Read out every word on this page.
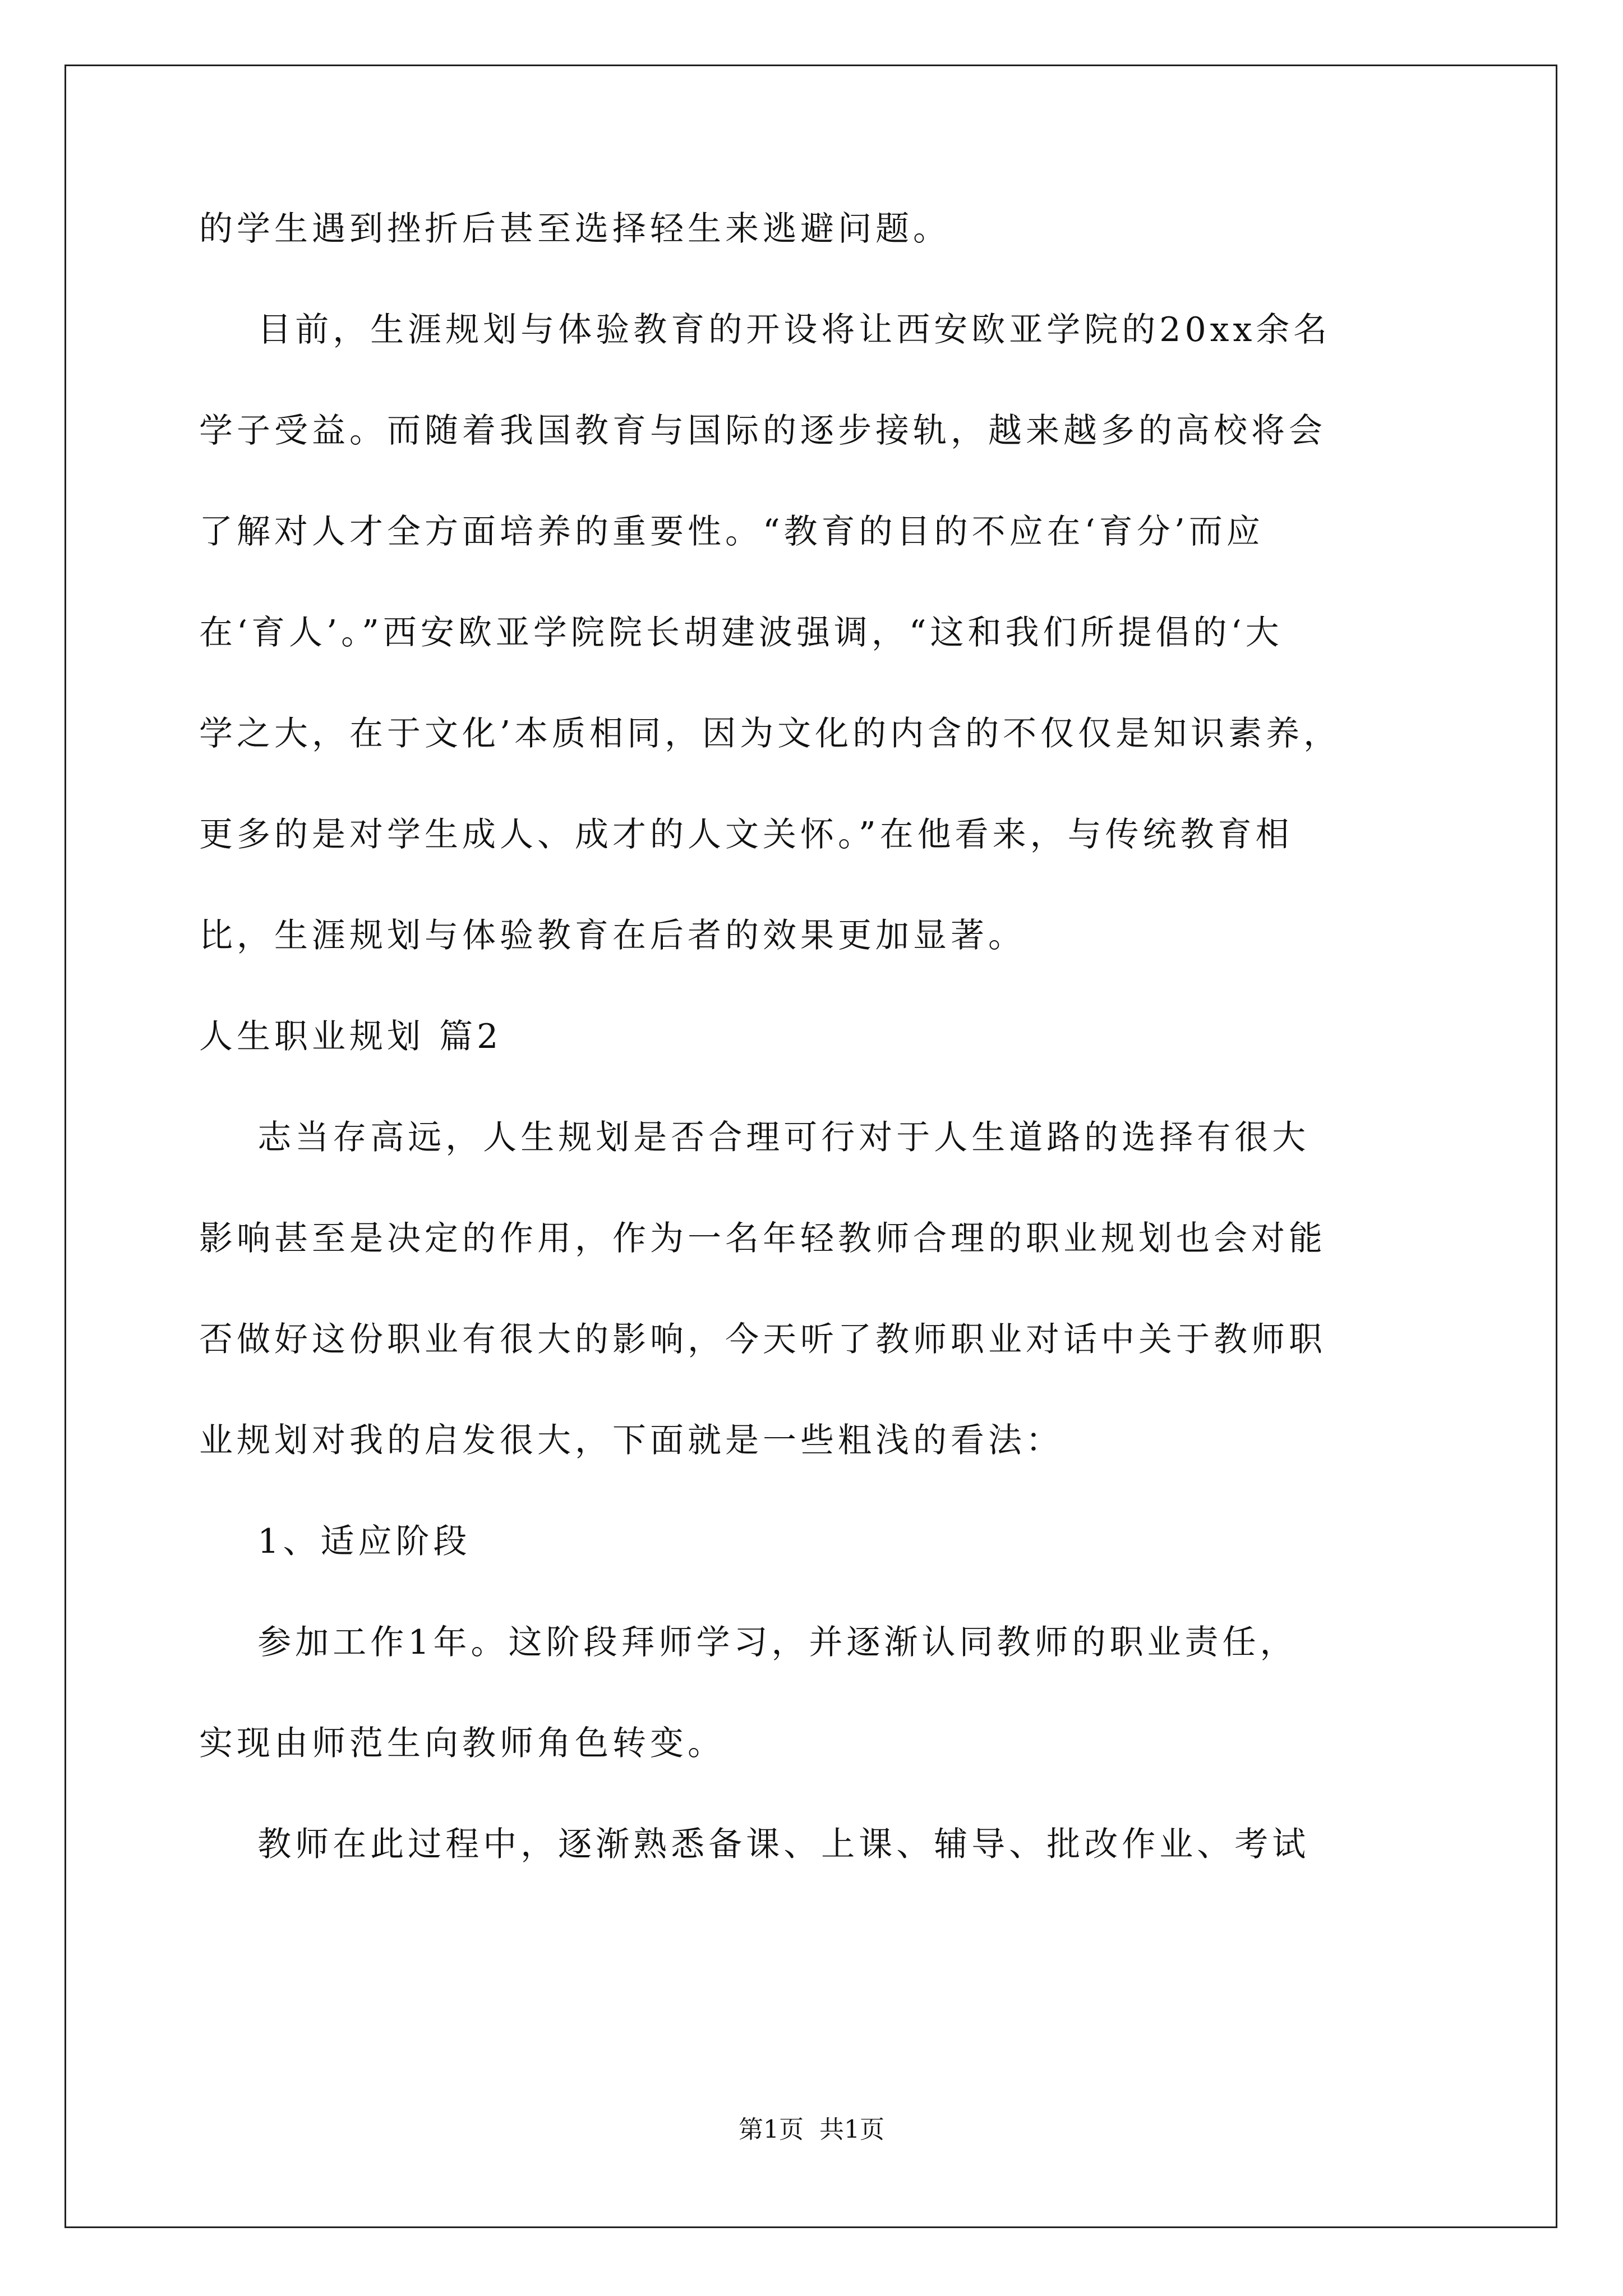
的学生遇到挫折后甚至选择轻生来逃避问题。
目前，生涯规划与体验教育的开设将让西安欧亚学院的20xx余名
学子受益。而随着我国教育与国际的逐步接轨，越来越多的高校将会
了解对人才全方面培养的重要性。“教育的目的不应在‘育分’而应
在‘育人’。”西安欧亚学院院长胡建波强调，“这和我们所提倡的‘大
学之大，在于文化’本质相同，因为文化的内含的不仅仅是知识素养，
更多的是对学生成人、成才的人文关怀。”在他看来，与传统教育相
比，生涯规划与体验教育在后者的效果更加显著。
人生职业规划 篇2
志当存高远，人生规划是否合理可行对于人生道路的选择有很大
影响甚至是决定的作用，作为一名年轻教师合理的职业规划也会对能
否做好这份职业有很大的影响，今天听了教师职业对话中关于教师职
业规划对我的启发很大，下面就是一些粗浅的看法：
1、适应阶段
参加工作1年。这阶段拜师学习，并逐渐认同教师的职业责任，
实现由师范生向教师角色转变。
教师在此过程中，逐渐熟悉备课、上课、辅导、批改作业、考试
第1页  共1页
